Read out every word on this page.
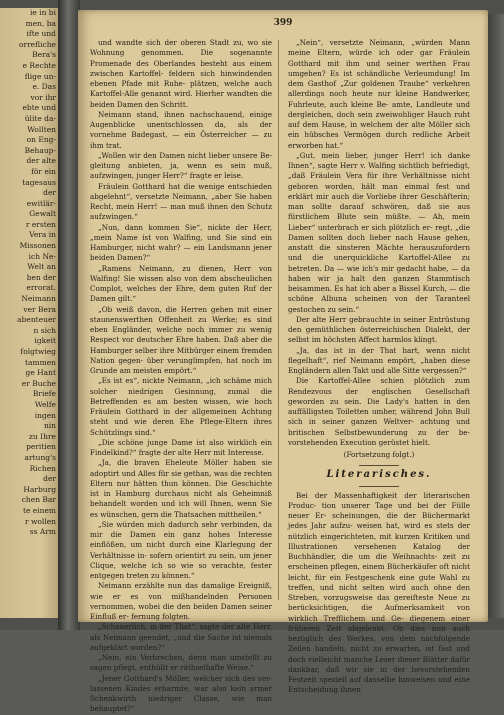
ie in bi
men, ba
ifte und
orrefliche
Bera's
e Rechte
flige un-
e. Das
vor ihr
ebte und
ülite da-
Wollten
on Eng-
Behaup-
der alte
för ein
tagesaus
der
ewitlär-
Gewalt
r ersten
Vera in
Missonen
ich Ne-
Welt an
ben der
errorat.
Neimann
ver Bera
abenteuer
n sich
igkeit
folgtwieg
tammen
ge Hant
er Buche
Briefe
Welfe
ingen
nin
zu Ihre
peritien
artung's
Richen
der
Harburg
chen Bar
te einem
r wollen
ss Arm
399

und wandte sich der oberen Stadt zu, wo sie Wohnung genommen. Die sogenannte Promenade des Oberlandes besteht aus einem zwischen Kartoffel- feldern sich hinwindenden ebenen Pfade mit Ruhe- plätzen, welche auch Kartoffel-Alle genannt wird. Hierher wandten die beiden Damen den Schritt.

Neimann stand, ihnen nachschauend, einige Augenblicke unentschlossen da, als der vornehme Badegast, — ein Österreicher — zu ihm trat.

„Wollen wir den Damen nicht lieber unsere Be- gleitung anbieten, ja, wenn es sein muß, aufzwingen, junger Herr?“ fragte er leise.

Fräulein Gotthard hat die wenige entschieden abgelehnt“, versetzte Neimann, „aber Sie haben Recht, mein Herr! — man muß ihnen den Schutz aufzwingen.“

„Nun, dann kommen Sie“, nickte der Herr, „mein Name ist von Walfing, und Sie sind ein Hamburger, nicht wahr? — ein Landsmann jener beiden Damen?“

„Ramens Neimann, zu dienen, Herr von Walfing! Sie wissen also von dem abscheulichen Complot, welches der Ehre, dem guten Ruf der Damen gilt.“

„Ob weiß davon, die Herren gehen mit einer staunenswerthen Offenheit zu Werke; es sind eben Engländer, welche noch immer zu wenig Respect vor deutscher Ehre haben. Daß aber die Hamburger selber ihre Mitbürger einem fremden Nation gegen- über verunglimpfen, hat noch im Grunde am meisten empört.“

„Es ist es“, nickte Neimann, „ich schäme mich solcher niedrigen Gesinnung, zumal die Betreffenden es am besten wissen, wie hoch Fräulein Gotthard in der allgemeinen Achtung steht und wie deren Ehe Pflege-Eltern ihres Schützlings sind.“

„Die schöne junge Dame ist also wirklich ein Findelkind?“ fragte der alte Herr mit Interesse.

„Ja, die braven Eheleute Möller haben sie adoptirt und Alles für sie gethan, was die rechten Eltern nur hätten thun können. Die Geschichte ist in Hamburg durchaus nicht als Geheimniß behandelt worden und ich will Ihnen, wenn Sie es wünschen, gern die Thatsachen mittheilen.“

„Sie würden mich dadurch sehr verbinden, da mir die Damen ein ganz hohes Interesse einflößen, um nicht durch eine Klarlegung der Verhältnisse in- sofern orientirt zu sein, um jener Clique, welche ich so wie so verachte, fester entgegen treten zu können.“

Neimann erzählte nun das damalige Ereigniß, wie er es von mißhandelnden Personen vernommen, wobei die den beiden Damen seiner Einfluß er- fernung folgten.

„Schauerlich, in der That“, sagte der alte Herr, als Neimann geendet, „und die Sache ist niemals aufgeklärt worden?“

„Nein, ein Verbrechen, denn man umstellt zu sagen pflegt, enthüllt er räthselhafte Weise.“

„Jener Gotthard's Möller, welcher sich des ver- lassenen Kindes erbarmte, war also kein armer Schenkwirth niedriger Classe, wie man behauptet?“

„Nein“, versetzte Neimann, „würden Mann meine Eltern, würde ich oder gar Fräulein Gotthard mit ihm und seiner werthen Frau umgehen? Es ist schändliche Verleumdung! Im dem Gasthof „Zur goldenen Traube“ verkehren allerdings noch heute nur kleine Handwerker, Fuhrleute, auch kleine Be- amte, Landleute und dergleichen, doch sein zweiwohliger Hauch ruht auf dem Hause, in welchem der alte Möller sich ein hübsches Vermögen durch redliche Arbeit erworben hat.“

„Gut, mein lieber, junger Herr! ich danke Ihnen“, sagte Herr v. Walfing sichtlich befriedigt, „daß Fräulein Vera für ihre Verhältnisse nicht geboren worden, hält man einmal fest und erklärt mir auch die Vorliebe ihrer Geschäfterin; man sollte darauf schwören, daß sie aus fürstlichem Blute sein müßte. — Ah, mein Lieber“ unterbrach er sich plötzlich er- regt, „die Damen sollten doch lieber nach Hause gehen, anstatt die sinsteren Mächte herauszufordern und die unerquickliche Kartoffel-Allee zu betreten. Da — wie ich's mir gedacht habe, — da haben wir ja halt den ganzen Stammtisch beisammen. Es hat ich aber a Bissel Kurch, — die schöne Albuna scheinen von der Taranteel gestochen zu sein.“

Der alte Herr gebrauchte in seiner Entrüstung den gemüthlichen österreichischen Dialekt, der selbst im höchsten Affect harmlos klingt.

„Ja, das ist in der That hart, wenn nicht flegelhaft“, rief Neimann empört, „haben diese Engländern allen Takt und alle Sitte vergessen?“

Die Kartoffel-Allee schien plötzlich zum Rendezvous der englischen Gesellschaft geworden zu sein. Die Lady's hatten in den auffälligsten Toiletten umher, während John Bull sich in seiner ganzen Weltver- achtung und britischen Selbstbewunderung zu der be- vorstehenden Execution gerüstet hielt.

(Fortsetzung folgt.)
Literarisches.

Bei der Massenhaftigkeit der literarischen Produc- tion unserer Tage und bei der Fülle neuer Er- scheinungen, die der Büchermarkt jedes Jahr aufzu- weisen hat, wird es stets der nützlich eingerichteten, mit kurzen Kritiken und Illustrationen versehenen Katalog der Buchhändler, die um die Weihnachts- zeit zu erscheinen pflegen, einem Bücherkäufer oft nicht leicht, für ein Festgeschenk eine gute Wahl zu treffen, und nicht selten wird auch ohne den Streben, vorzugsweise das gereifteste Neue zu berücksichtigen, die Aufmerksamkeit von wirklich Trefflichem und Ge- diegenem einer früheren Zeit abgelenkt. Ob dies nun auch bezüglich des Werkes, von dem nachfolgende Zeilen handeln, nicht zu erwarten, ist fast und doch vielleicht manche Leser dieser Blätter dafür dankbar, daß wir sie in der bevorstehenden Festzeit speziell auf dasselbe hinweisen und eine Entscheidung ihnen
